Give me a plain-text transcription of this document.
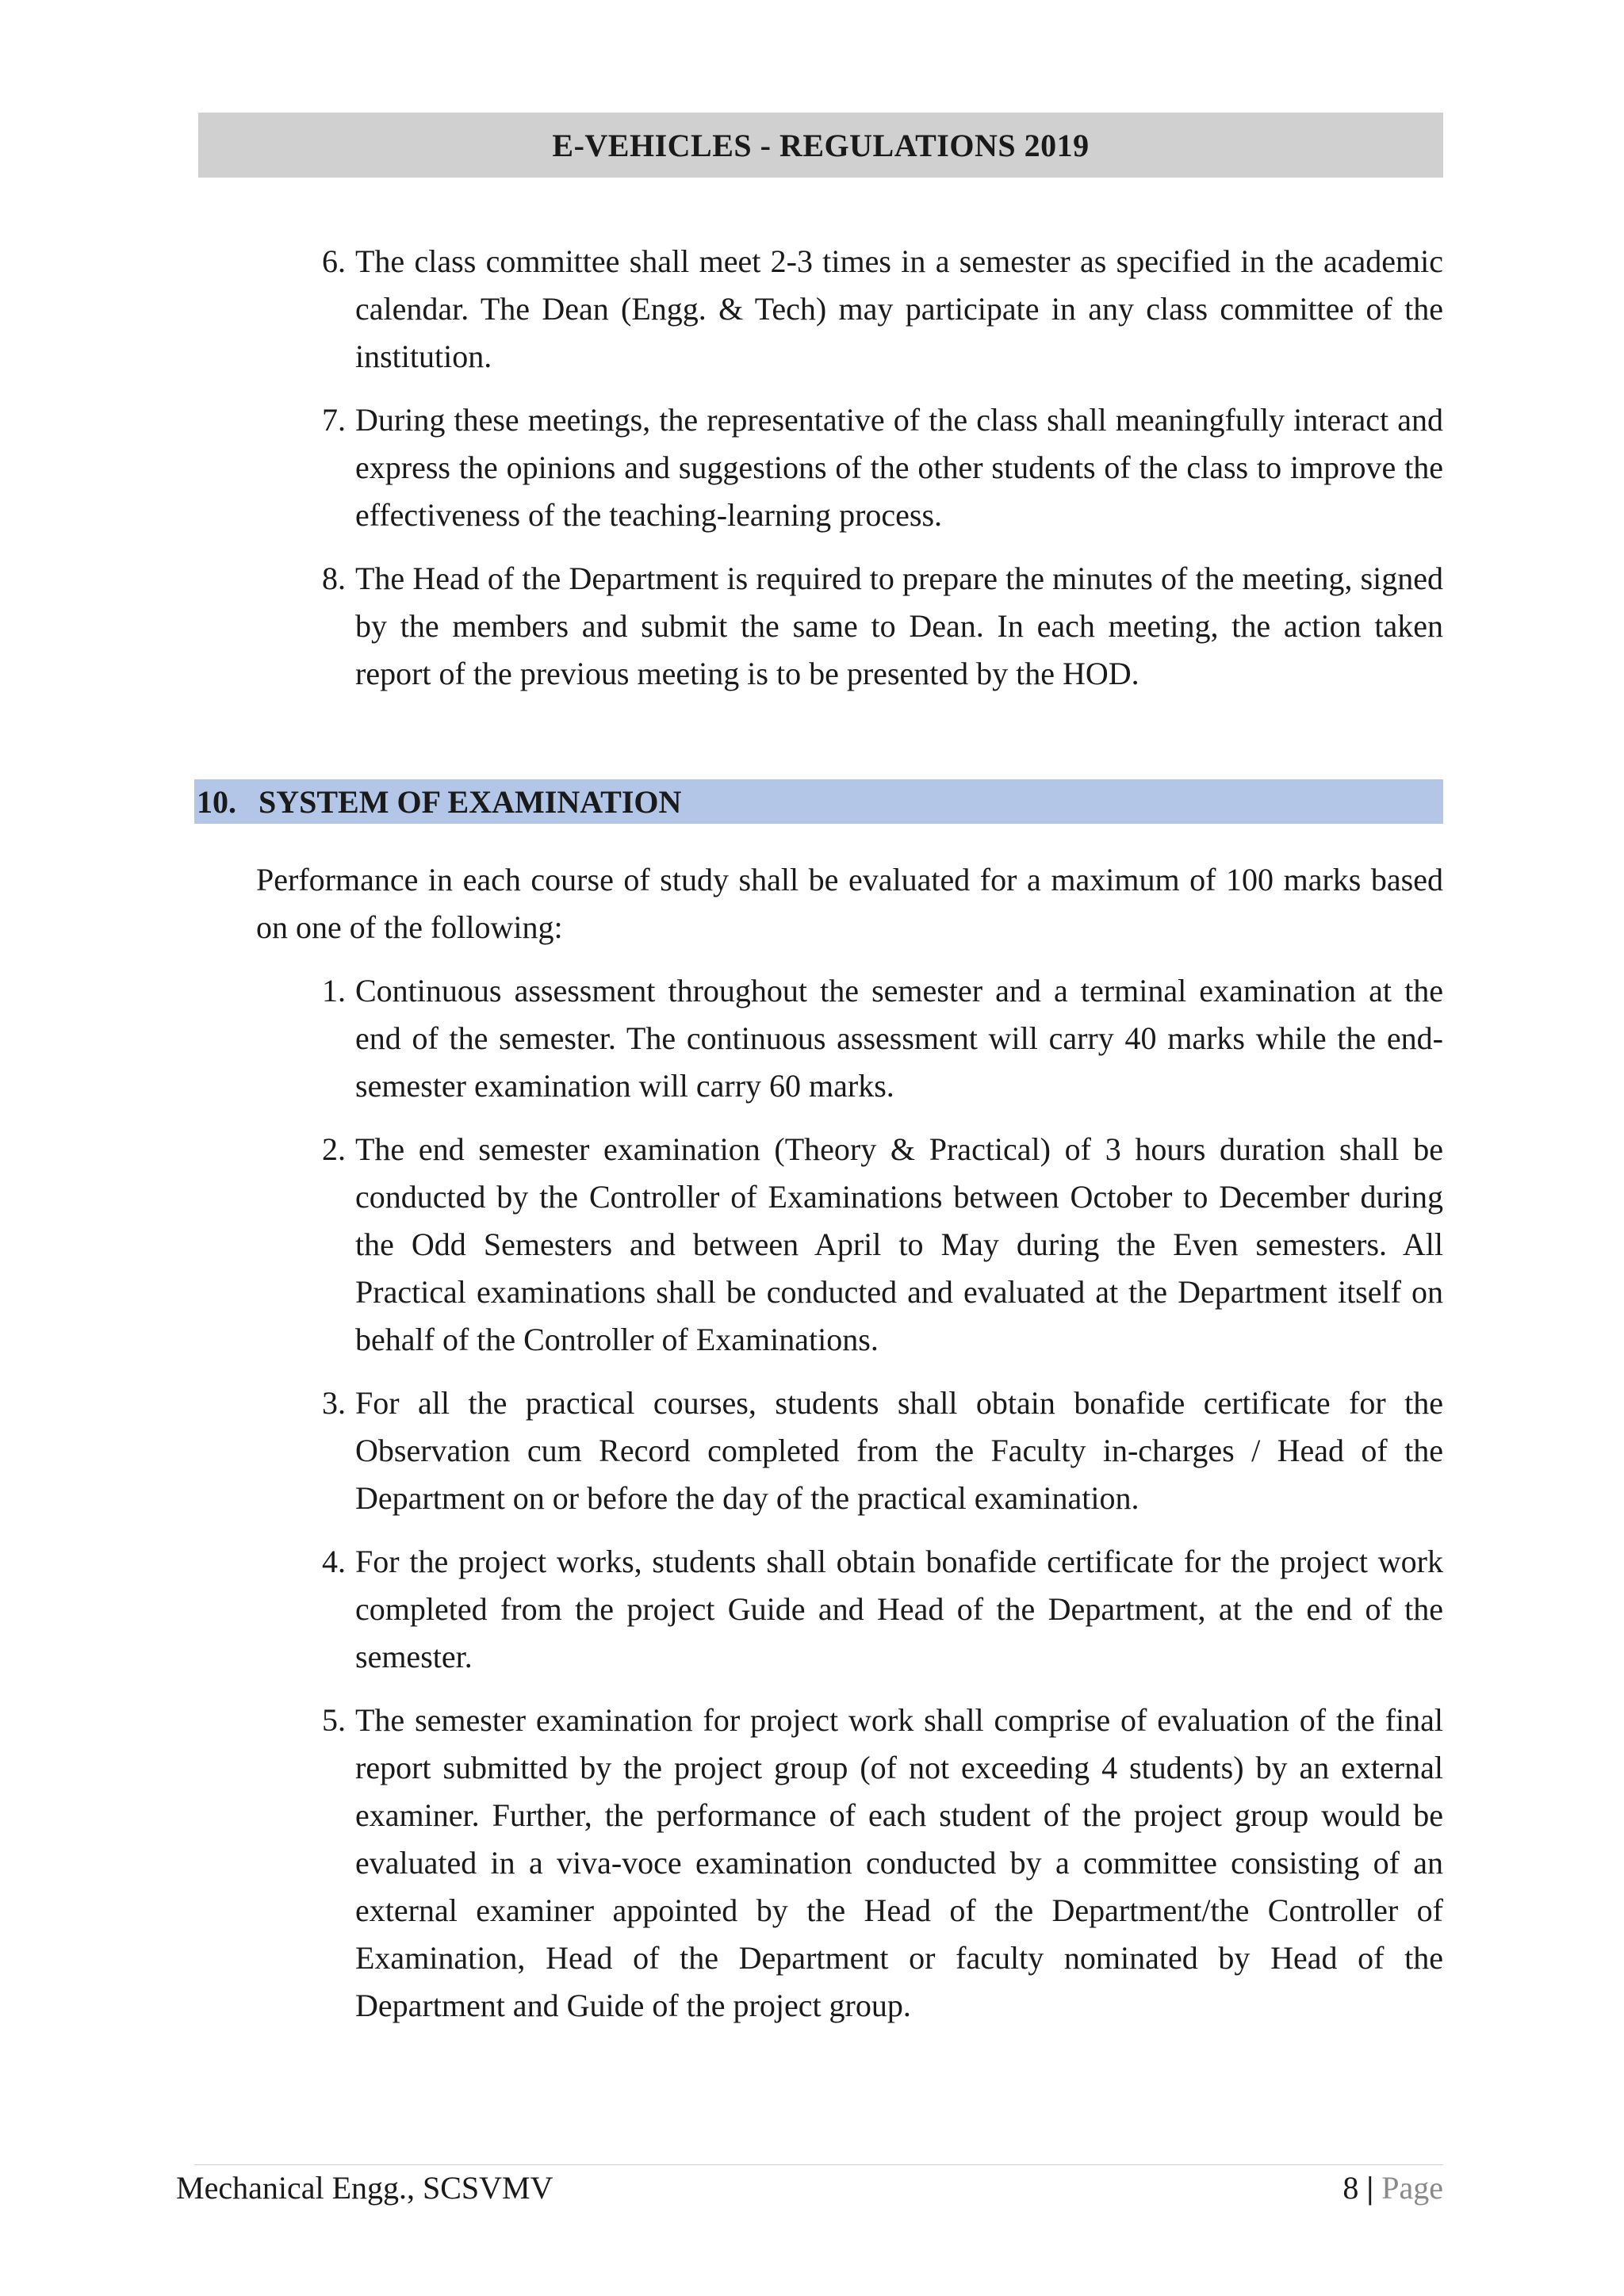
E-VEHICLES - REGULATIONS 2019
6. The class committee shall meet 2-3 times in a semester as specified in the academic calendar. The Dean (Engg. & Tech) may participate in any class committee of the institution.
7. During these meetings, the representative of the class shall meaningfully interact and express the opinions and suggestions of the other students of the class to improve the effectiveness of the teaching-learning process.
8. The Head of the Department is required to prepare the minutes of the meeting, signed by the members and submit the same to Dean. In each meeting, the action taken report of the previous meeting is to be presented by the HOD.
10. SYSTEM OF EXAMINATION

Performance in each course of study shall be evaluated for a maximum of 100 marks based on one of the following:

1. Continuous assessment throughout the semester and a terminal examination at the end of the semester. The continuous assessment will carry 40 marks while the end-semester examination will carry 60 marks.
2. The end semester examination (Theory & Practical) of 3 hours duration shall be conducted by the Controller of Examinations between October to December during the Odd Semesters and between April to May during the Even semesters. All Practical examinations shall be conducted and evaluated at the Department itself on behalf of the Controller of Examinations.
3. For all the practical courses, students shall obtain bonafide certificate for the Observation cum Record completed from the Faculty in-charges / Head of the Department on or before the day of the practical examination.
4. For the project works, students shall obtain bonafide certificate for the project work completed from the project Guide and Head of the Department, at the end of the semester.
5. The semester examination for project work shall comprise of evaluation of the final report submitted by the project group (of not exceeding 4 students) by an external examiner. Further, the performance of each student of the project group would be evaluated in a viva-voce examination conducted by a committee consisting of an external examiner appointed by the Head of the Department/the Controller of Examination, Head of the Department or faculty nominated by Head of the Department and Guide of the project group.
Mechanical Engg., SCSVMV	8 | Page
